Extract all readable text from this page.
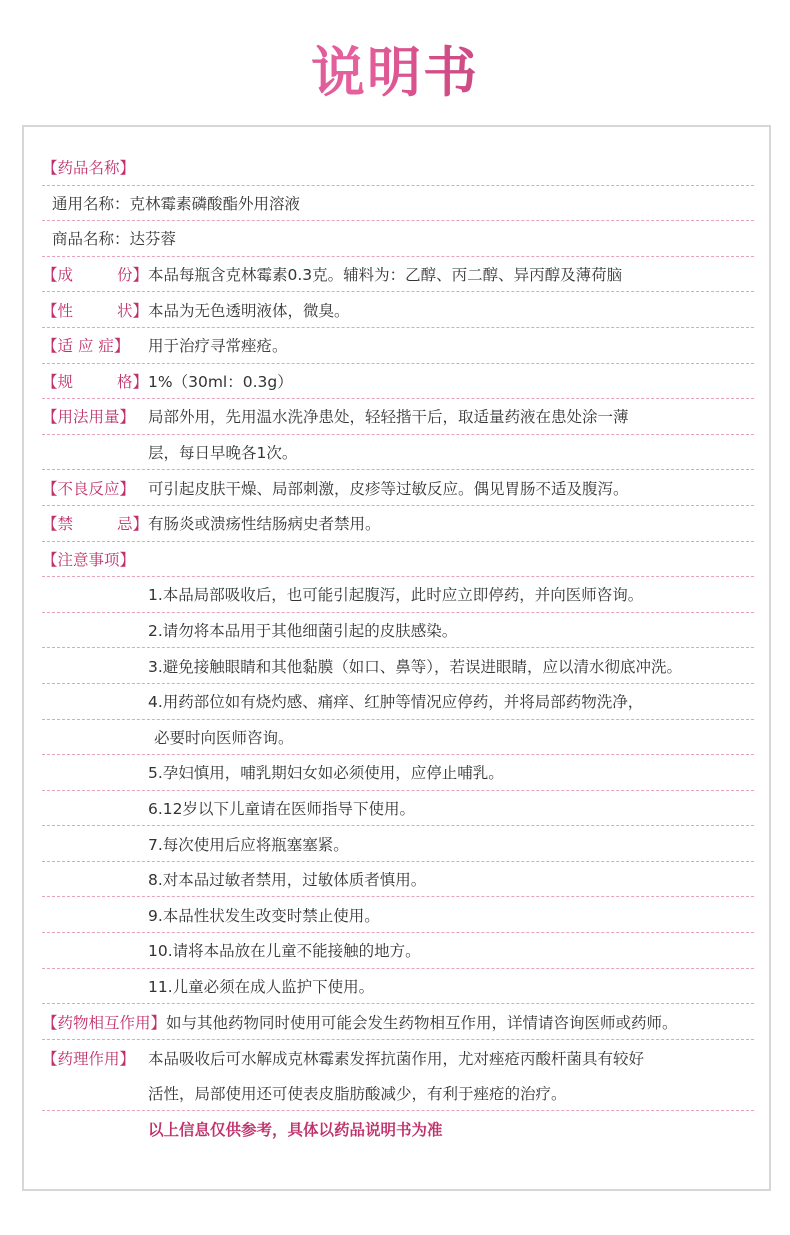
说明书
【药品名称】
通用名称：克林霉素磷酸酯外用溶液
商品名称：达芬蓉
【成	份】 本品每瓶含克林霉素0.3克。辅料为：乙醇、丙二醇、异丙醇及薄荷脑
【性	状】 本品为无色透明液体，微臭。
【适 应 症】	用于治疗寻常痤疮。
【规	格】 1%（30ml：0.3g）
【用法用量】 局部外用，先用温水洗净患处，轻轻揩干后，取适量药液在患处涂一薄
层，每日早晚各1次。
【不良反应】 可引起皮肤干燥、局部刺激，皮疹等过敏反应。偶见胃肠不适及腹泻。
【禁	忌】 有肠炎或溃疡性结肠病史者禁用。
【注意事项】
1.本品局部吸收后，也可能引起腹泻，此时应立即停药，并向医师咨询。
2.请勿将本品用于其他细菌引起的皮肤感染。
3.避免接触眼睛和其他黏膜（如口、鼻等），若误进眼睛，应以清水彻底冲洗。
4.用药部位如有烧灼感、痛痒、红肿等情况应停药，并将局部药物洗净，
必要时向医师咨询。
5.孕妇慎用，哺乳期妇女如必须使用，应停止哺乳。
6.12岁以下儿童请在医师指导下使用。
7.每次使用后应将瓶塞塞紧。
8.对本品过敏者禁用，过敏体质者慎用。
9.本品性状发生改变时禁止使用。
10.请将本品放在儿童不能接触的地方。
11.儿童必须在成人监护下使用。
【药物相互作用】 如与其他药物同时使用可能会发生药物相互作用，详情请咨询医师或药师。
【药理作用】 本品吸收后可水解成克林霉素发挥抗菌作用，尤对痤疮丙酸杆菌具有较好
活性，局部使用还可使表皮脂肪酸减少，有利于痤疮的治疗。
以上信息仅供参考，具体以药品说明书为准
